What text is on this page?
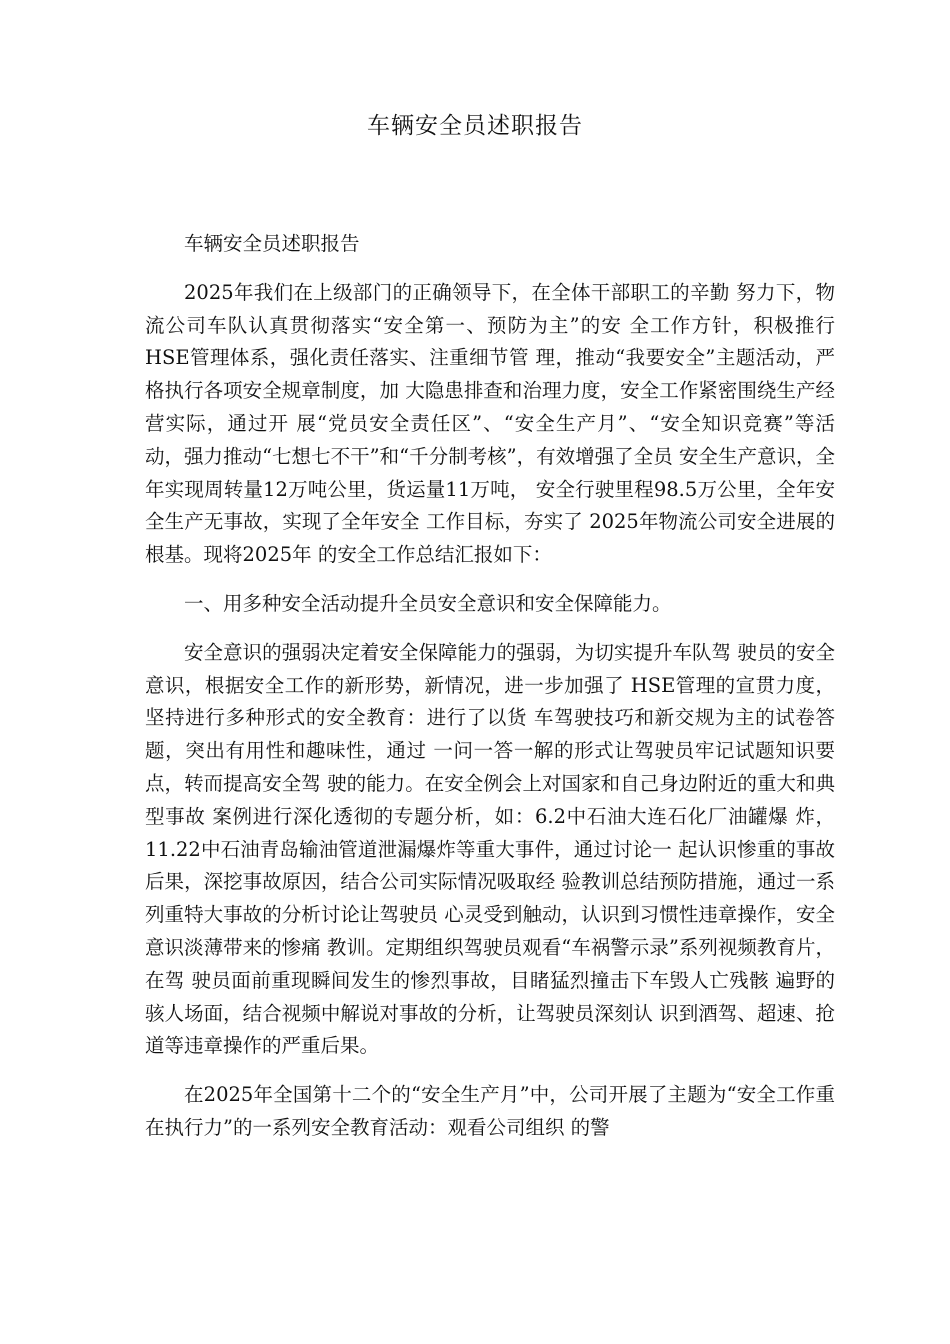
车辆安全员述职报告

车辆安全员述职报告

2025年我们在上级部门的正确领导下，在全体干部职工的辛勤 努力下，物流公司车队认真贯彻落实“安全第一、预防为主”的安 全工作方针，积极推行HSE管理体系，强化责任落实、注重细节管 理，推动“我要安全”主题活动，严格执行各项安全规章制度，加 大隐患排查和治理力度，安全工作紧密围绕生产经营实际，通过开 展“党员安全责任区”、“安全生产月”、“安全知识竞赛”等活 动，强力推动“七想七不干”和“千分制考核”，有效增强了全员 安全生产意识，全年实现周转量12万吨公里，货运量11万吨， 安全行驶里程98.5万公里，全年安全生产无事故，实现了全年安全 工作目标，夯实了 2025年物流公司安全进展的根基。现将2025年 的安全工作总结汇报如下：

一、用多种安全活动提升全员安全意识和安全保障能力。

安全意识的强弱决定着安全保障能力的强弱，为切实提升车队驾 驶员的安全意识，根据安全工作的新形势，新情况，进一步加强了 HSE管理的宣贯力度，坚持进行多种形式的安全教育：进行了以货 车驾驶技巧和新交规为主的试卷答题，突出有用性和趣味性，通过 一问一答一解的形式让驾驶员牢记试题知识要点，转而提高安全驾 驶的能力。在安全例会上对国家和自己身边附近的重大和典型事故 案例进行深化透彻的专题分析，如：6.2中石油大连石化厂油罐爆 炸，11.22中石油青岛输油管道泄漏爆炸等重大事件，通过讨论一 起认识惨重的事故后果，深挖事故原因，结合公司实际情况吸取经 验教训总结预防措施，通过一系列重特大事故的分析讨论让驾驶员 心灵受到触动，认识到习惯性违章操作，安全意识淡薄带来的惨痛 教训。定期组织驾驶员观看“车祸警示录”系列视频教育片，在驾 驶员面前重现瞬间发生的惨烈事故，目睹猛烈撞击下车毁人亡残骸 遍野的骇人场面，结合视频中解说对事故的分析，让驾驶员深刻认 识到酒驾、超速、抢道等违章操作的严重后果。

在2025年全国第十二个的“安全生产月”中，公司开展了主题为“安全工作重在执行力”的一系列安全教育活动：观看公司组织 的警
